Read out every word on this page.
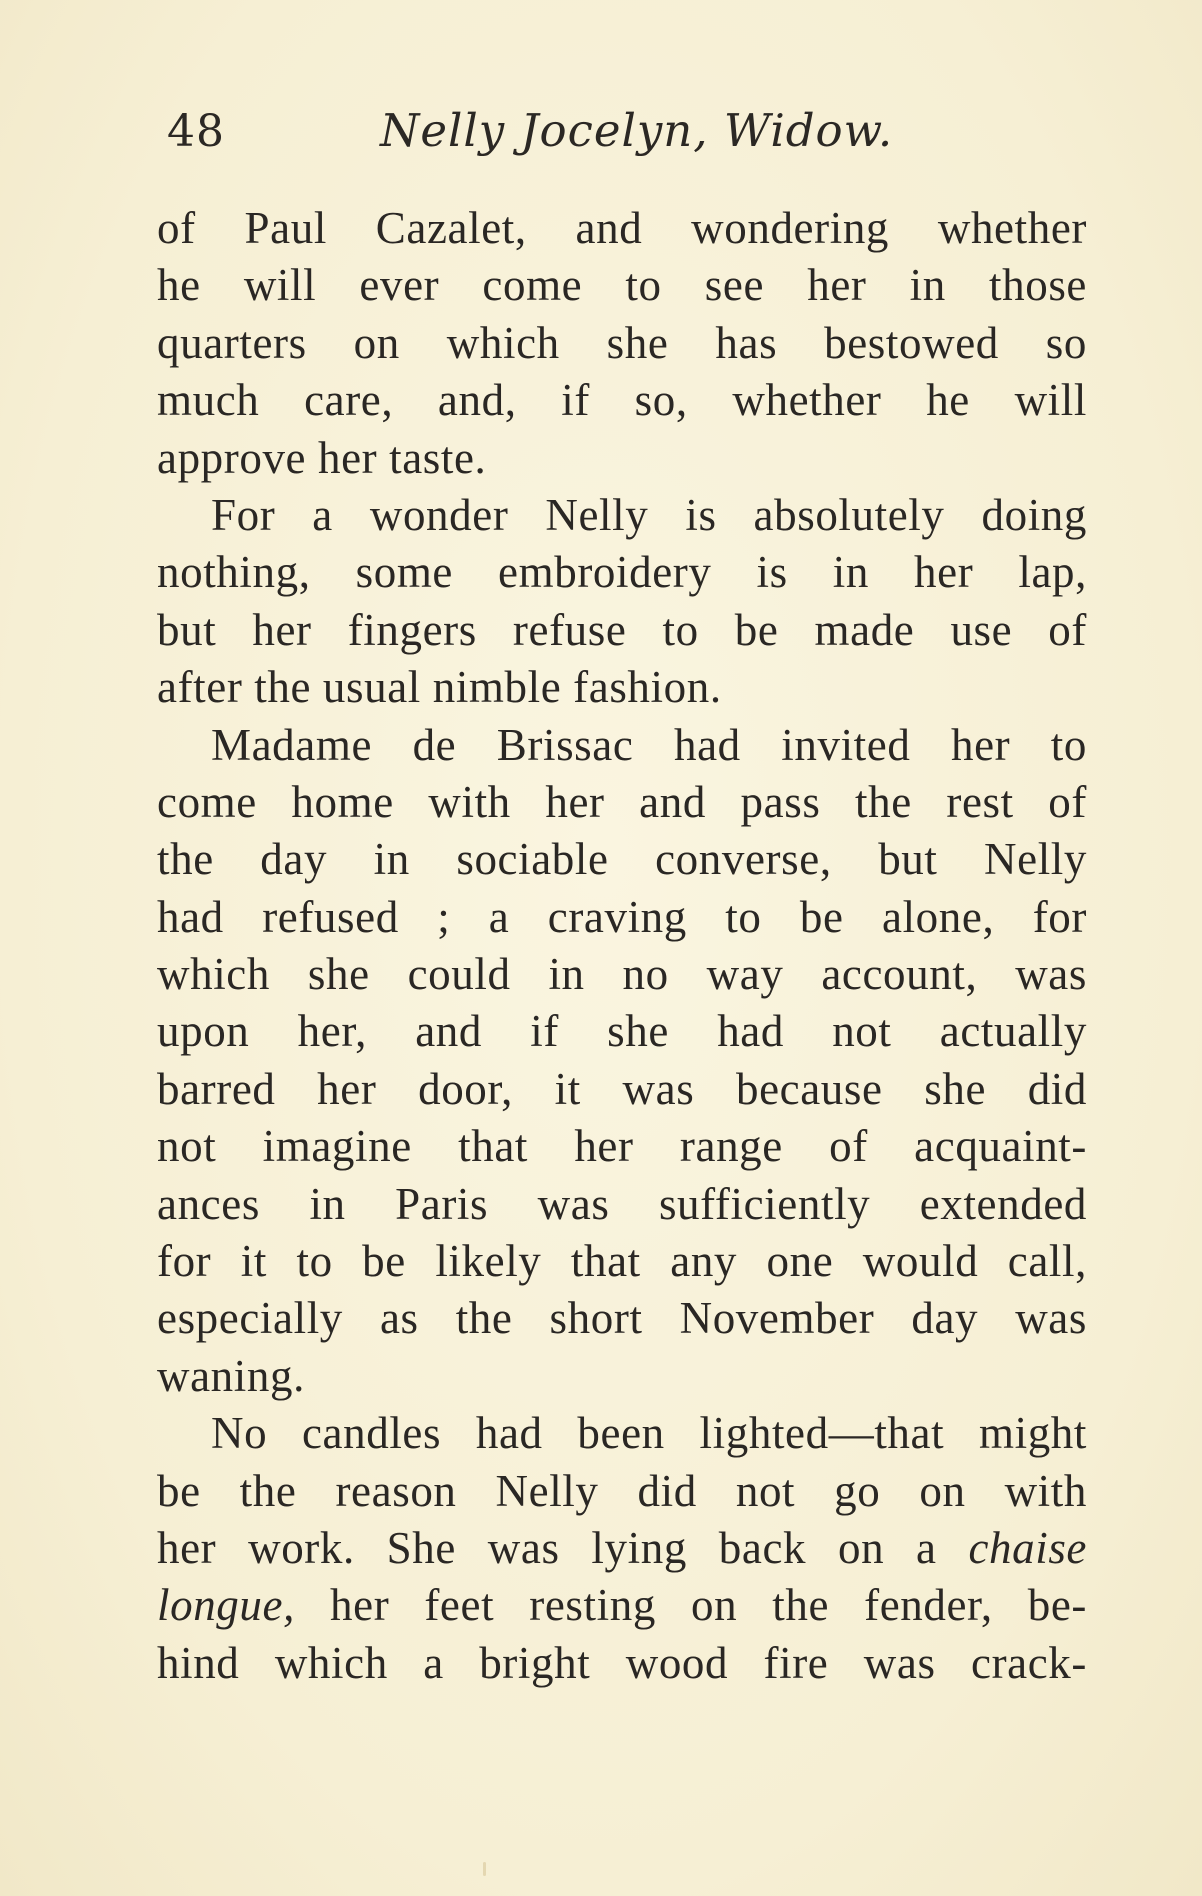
48	Nelly Jocelyn, Widow.
of Paul Cazalet, and wondering whether
he will ever come to see her in those
quarters on which she has bestowed so
much care, and, if so, whether he will
approve her taste.
For a wonder Nelly is absolutely doing
nothing, some embroidery is in her lap,
but her fingers refuse to be made use of
after the usual nimble fashion.
Madame de Brissac had invited her to
come home with her and pass the rest of
the day in sociable converse, but Nelly
had refused ; a craving to be alone, for
which she could in no way account, was
upon her, and if she had not actually
barred her door, it was because she did
not imagine that her range of acquaint-
ances in Paris was sufficiently extended
for it to be likely that any one would call,
especially as the short November day was
waning.
No candles had been lighted—that might
be the reason Nelly did not go on with
her work. She was lying back on a chaise
longue, her feet resting on the fender, be-
hind which a bright wood fire was crack-
